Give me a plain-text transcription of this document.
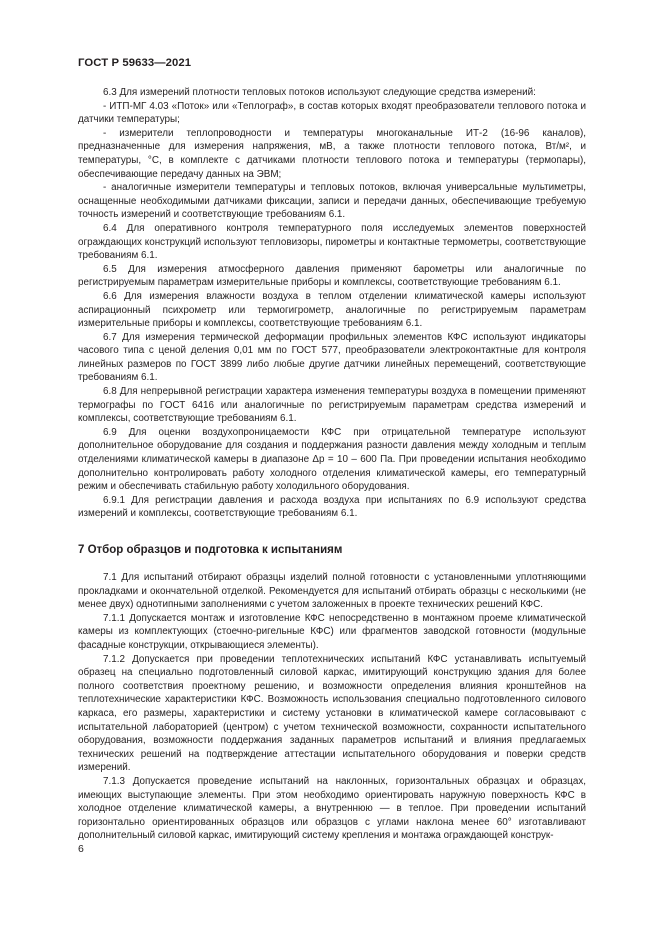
ГОСТ Р 59633—2021

6.3 Для измерений плотности тепловых потоков используют следующие средства измерений:

- ИТП-МГ 4.03 «Поток» или «Теплограф», в состав которых входят преобразователи теплового потока и датчики температуры;

- измерители теплопроводности и температуры многоканальные ИТ-2 (16-96 каналов), предназначенные для измерения напряжения, мВ, а также плотности теплового потока, Вт/м², и температуры, °С, в комплекте с датчиками плотности теплового потока и температуры (термопары), обеспечивающие передачу данных на ЭВМ;

- аналогичные измерители температуры и тепловых потоков, включая универсальные мультиметры, оснащенные необходимыми датчиками фиксации, записи и передачи данных, обеспечивающие требуемую точность измерений и соответствующие требованиям 6.1.

6.4 Для оперативного контроля температурного поля исследуемых элементов поверхностей ограждающих конструкций используют тепловизоры, пирометры и контактные термометры, соответствующие требованиям 6.1.

6.5 Для измерения атмосферного давления применяют барометры или аналогичные по регистрируемым параметрам измерительные приборы и комплексы, соответствующие требованиям 6.1.

6.6 Для измерения влажности воздуха в теплом отделении климатической камеры используют аспирационный психрометр или термогигрометр, аналогичные по регистрируемым параметрам измерительные приборы и комплексы, соответствующие требованиям 6.1.

6.7 Для измерения термической деформации профильных элементов КФС используют индикаторы часового типа с ценой деления 0,01 мм по ГОСТ 577, преобразователи электроконтактные для контроля линейных размеров по ГОСТ 3899 либо любые другие датчики линейных перемещений, соответствующие требованиям 6.1.

6.8 Для непрерывной регистрации характера изменения температуры воздуха в помещении применяют термографы по ГОСТ 6416 или аналогичные по регистрируемым параметрам средства измерений и комплексы, соответствующие требованиям 6.1.

6.9 Для оценки воздухопроницаемости КФС при отрицательной температуре используют дополнительное оборудование для создания и поддержания разности давления между холодным и теплым отделениями климатической камеры в диапазоне Δp = 10 – 600 Па. При проведении испытания необходимо дополнительно контролировать работу холодного отделения климатической камеры, его температурный режим и обеспечивать стабильную работу холодильного оборудования.

6.9.1 Для регистрации давления и расхода воздуха при испытаниях по 6.9 используют средства измерений и комплексы, соответствующие требованиям 6.1.

7 Отбор образцов и подготовка к испытаниям

7.1 Для испытаний отбирают образцы изделий полной готовности с установленными уплотняющими прокладками и окончательной отделкой. Рекомендуется для испытаний отбирать образцы с несколькими (не менее двух) однотипными заполнениями с учетом заложенных в проекте технических решений КФС.

7.1.1 Допускается монтаж и изготовление КФС непосредственно в монтажном проеме климатической камеры из комплектующих (стоечно-ригельные КФС) или фрагментов заводской готовности (модульные фасадные конструкции, открывающиеся элементы).

7.1.2 Допускается при проведении теплотехнических испытаний КФС устанавливать испытуемый образец на специально подготовленный силовой каркас, имитирующий конструкцию здания для более полного соответствия проектному решению, и возможности определения влияния кронштейнов на теплотехнические характеристики КФС. Возможность использования специально подготовленного силового каркаса, его размеры, характеристики и систему установки в климатической камере согласовывают с испытательной лабораторией (центром) с учетом технической возможности, сохранности испытательного оборудования, возможности поддержания заданных параметров испытаний и влияния предлагаемых технических решений на подтверждение аттестации испытательного оборудования и поверки средств измерений.

7.1.3 Допускается проведение испытаний на наклонных, горизонтальных образцах и образцах, имеющих выступающие элементы. При этом необходимо ориентировать наружную поверхность КФС в холодное отделение климатической камеры, а внутреннюю — в теплое. При проведении испытаний горизонтально ориентированных образцов или образцов с углами наклона менее 60° изготавливают дополнительный силовой каркас, имитирующий систему крепления и монтажа ограждающей конструк-

6
